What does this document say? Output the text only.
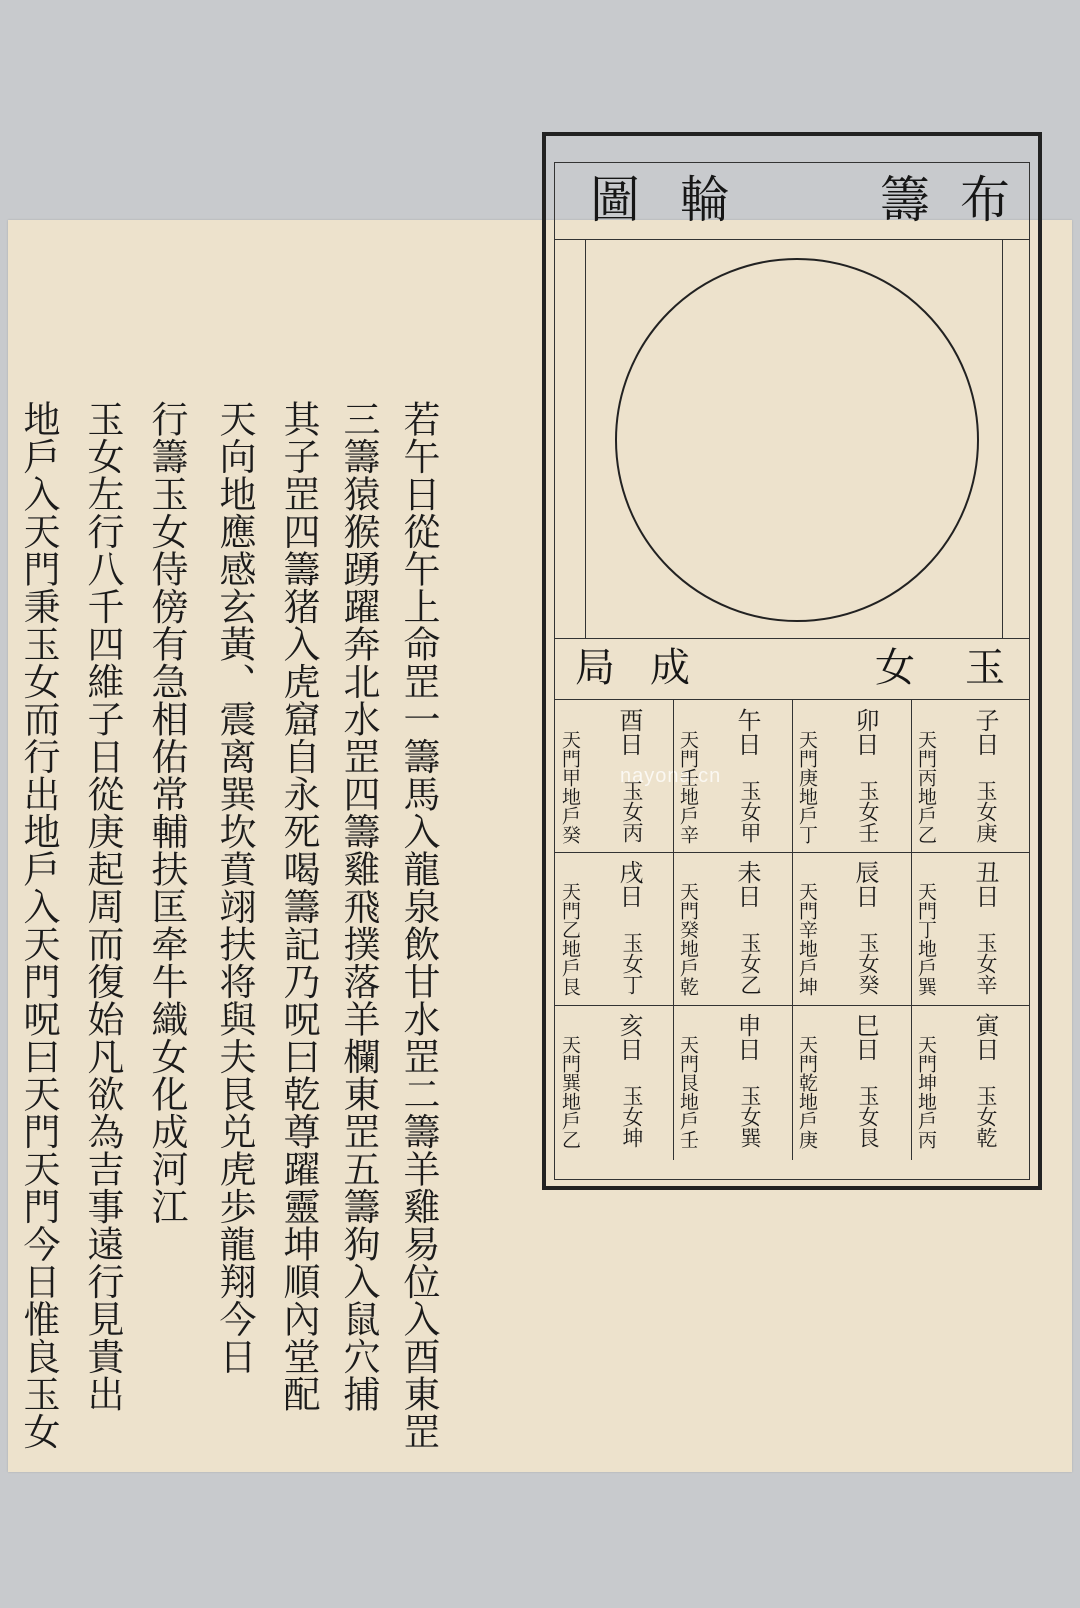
若午日從午上命罡一籌馬入龍泉飲甘水罡二籌羊雞易位入酉東罡
三籌猿猴踴躍奔北水罡四籌雞飛撲落羊欄東罡五籌狗入鼠穴捕
其子罡四籌猪入虎窟自永死喝籌記乃呪曰乾尊躍靈坤順內堂配
天向地應感玄黃、震离巽坎賁翊扶将與夫艮兑虎歩龍翔今日
行籌玉女侍傍有急相佑常輔扶匡牵牛織女化成河江
玉女左行八千四維子日從庚起周而復始凡欲為吉事遠行見貴出
地戶入天門秉玉女而行出地戶入天門呪曰天門天門今日惟良玉女
布
籌
輪
圖
nayona.cn
玉
女
成
局
子日
玉女庚
天門丙地戶乙
卯日
玉女壬
天門庚地戶丁
午日
玉女甲
天門壬地戶辛
酉日
玉女丙
天門甲地戶癸
丑日
玉女辛
天門丁地戶巽
辰日
玉女癸
天門辛地戶坤
未日
玉女乙
天門癸地戶乾
戌日
玉女丁
天門乙地戶艮
寅日
玉女乾
天門坤地戶丙
巳日
玉女艮
天門乾地戶庚
申日
玉女巽
天門艮地戶壬
亥日
玉女坤
天門巽地戶乙
